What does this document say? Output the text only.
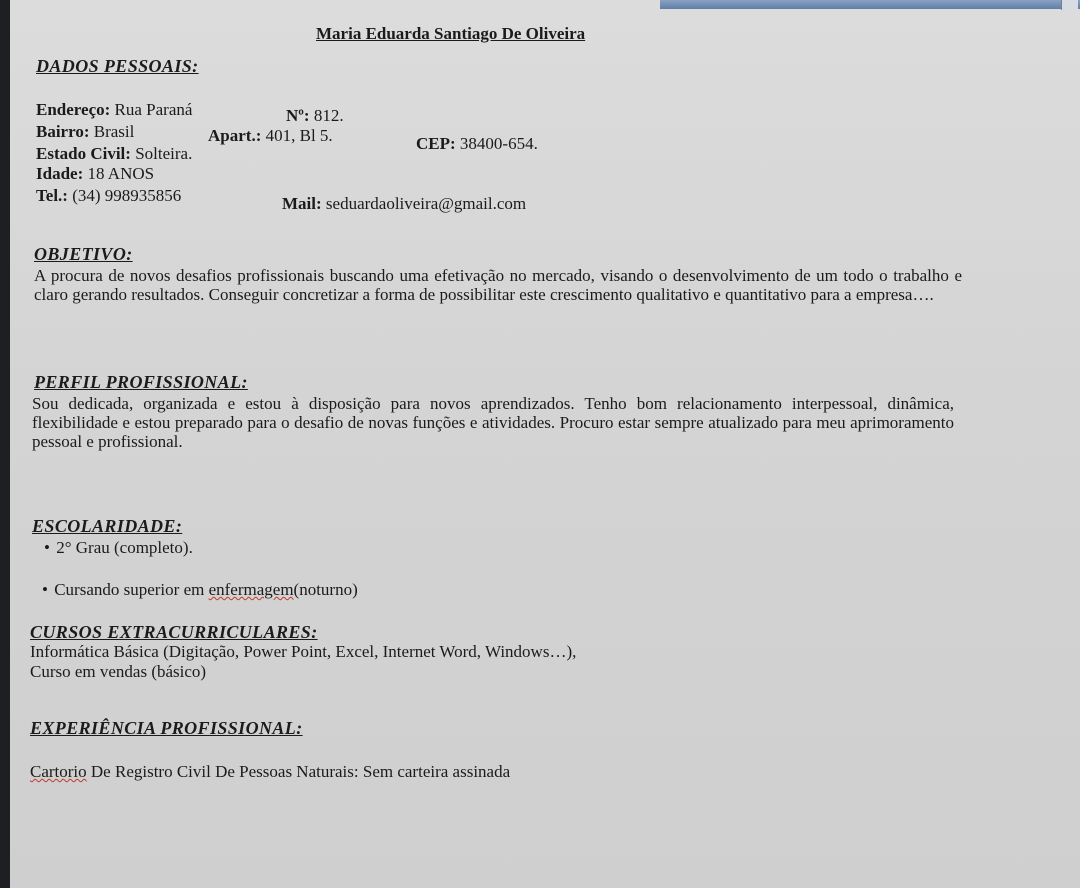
Maria Eduarda Santiago De Oliveira
DADOS PESSOAIS:
Endereço: Rua Paraná	Nº: 812.
Bairro: Brasil	Apart.: 401, Bl 5.	CEP: 38400-654.
Estado Civil: Solteira.
Idade: 18 ANOS
Tel.: (34) 998935856	Mail: seduardaoliveira@gmail.com
OBJETIVO:
A procura de novos desafios profissionais buscando uma efetivação no mercado, visando o desenvolvimento de um todo o trabalho e claro gerando resultados. Conseguir concretizar a forma de possibilitar este crescimento qualitativo e quantitativo para a empresa….
PERFIL PROFISSIONAL:
Sou dedicada, organizada e estou à disposição para novos aprendizados. Tenho bom relacionamento interpessoal, dinâmica, flexibilidade e estou preparado para o desafio de novas funções e atividades. Procuro estar sempre atualizado para meu aprimoramento pessoal e profissional.
ESCOLARIDADE:
• 2° Grau (completo).
• Cursando superior em enfermagem(noturno)
CURSOS EXTRACURRICULARES:
Informática Básica (Digitação, Power Point, Excel, Internet Word, Windows…),
Curso em vendas (básico)
EXPERIÊNCIA PROFISSIONAL:
Cartorio De Registro Civil De Pessoas Naturais: Sem carteira assinada
